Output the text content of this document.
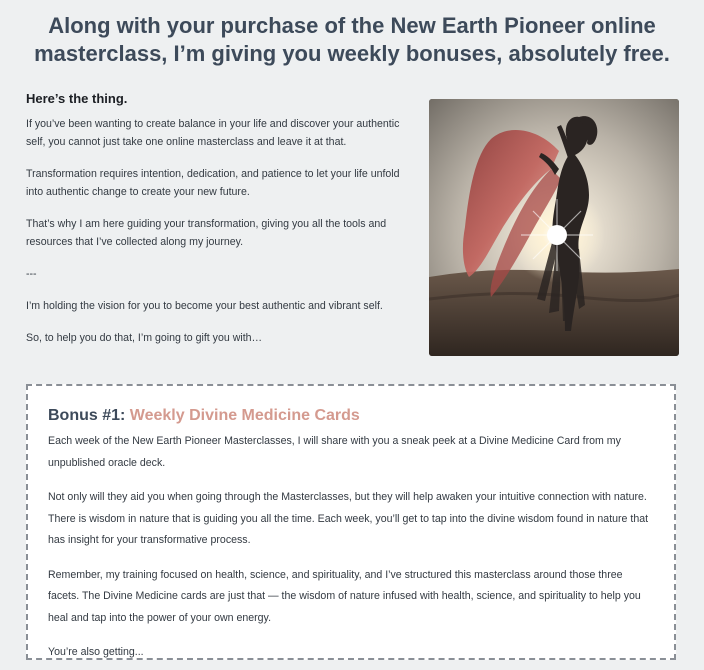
Along with your purchase of the New Earth Pioneer online masterclass, I’m giving you weekly bonuses, absolutely free.
Here’s the thing.

If you’ve been wanting to create balance in your life and discover your authentic self, you cannot just take one online masterclass and leave it at that.

Transformation requires intention, dedication, and patience to let your life unfold into authentic change to create your new future.

That’s why I am here guiding your transformation, giving you all the tools and resources that I’ve collected along my journey.

---

I’m holding the vision for you to become your best authentic and vibrant self.

So, to help you do that, I’m going to gift you with…

Bonus #1: Weekly Divine Medicine Cards

Each week of the New Earth Pioneer Masterclasses, I will share with you a sneak peek at a Divine Medicine Card from my unpublished oracle deck.

Not only will they aid you when going through the Masterclasses, but they will help awaken your intuitive connection with nature. There is wisdom in nature that is guiding you all the time. Each week, you’ll get to tap into the divine wisdom found in nature that has insight for your transformative process.

Remember, my training focused on health, science, and spirituality, and I’ve structured this masterclass around those three facets. The Divine Medicine cards are just that — the wisdom of nature infused with health, science, and spirituality to help you heal and tap into the power of your own energy.

You’re also getting...
